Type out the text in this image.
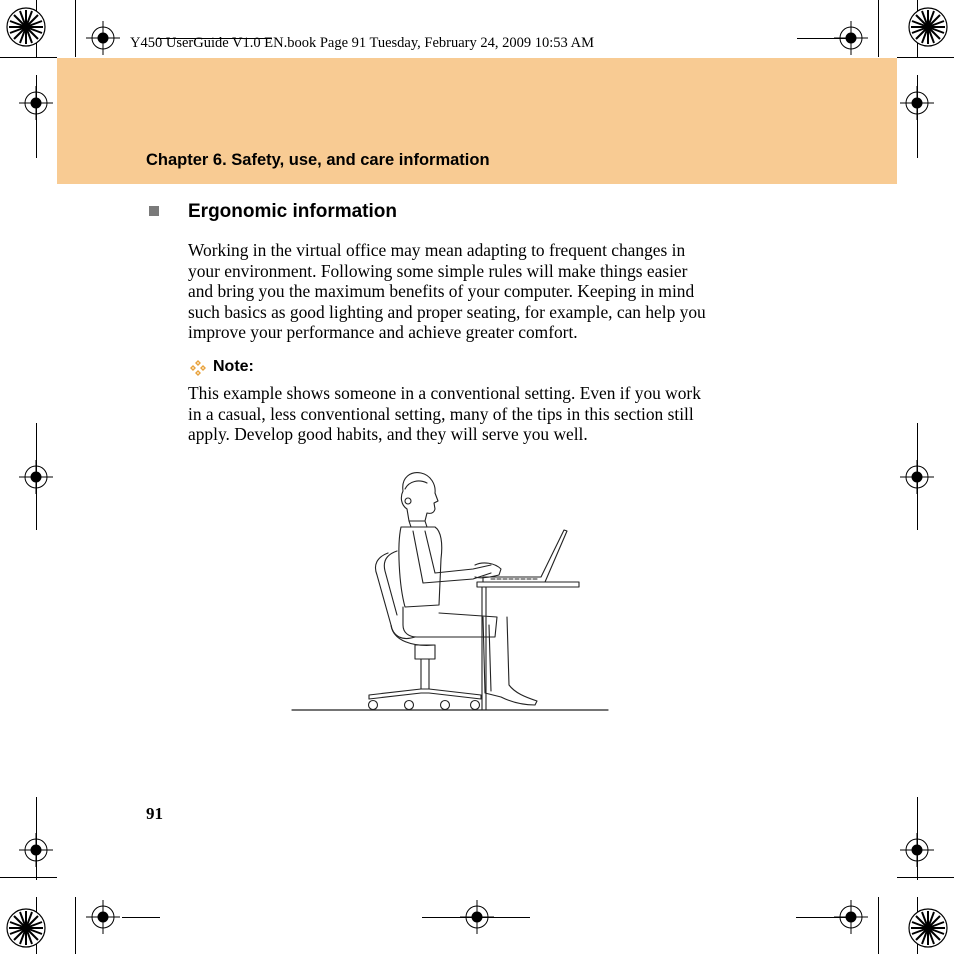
Y450 UserGuide V1.0 EN.book Page 91 Tuesday, February 24, 2009 10:53 AM
Chapter 6. Safety, use, and care information
Ergonomic information
Working in the virtual office may mean adapting to frequent changes in
your environment. Following some simple rules will make things easier
and bring you the maximum benefits of your computer. Keeping in mind
such basics as good lighting and proper seating, for example, can help you
improve your performance and achieve greater comfort.
Note:
This example shows someone in a conventional setting. Even if you work
in a casual, less conventional setting, many of the tips in this section still
apply. Develop good habits, and they will serve you well.
91
